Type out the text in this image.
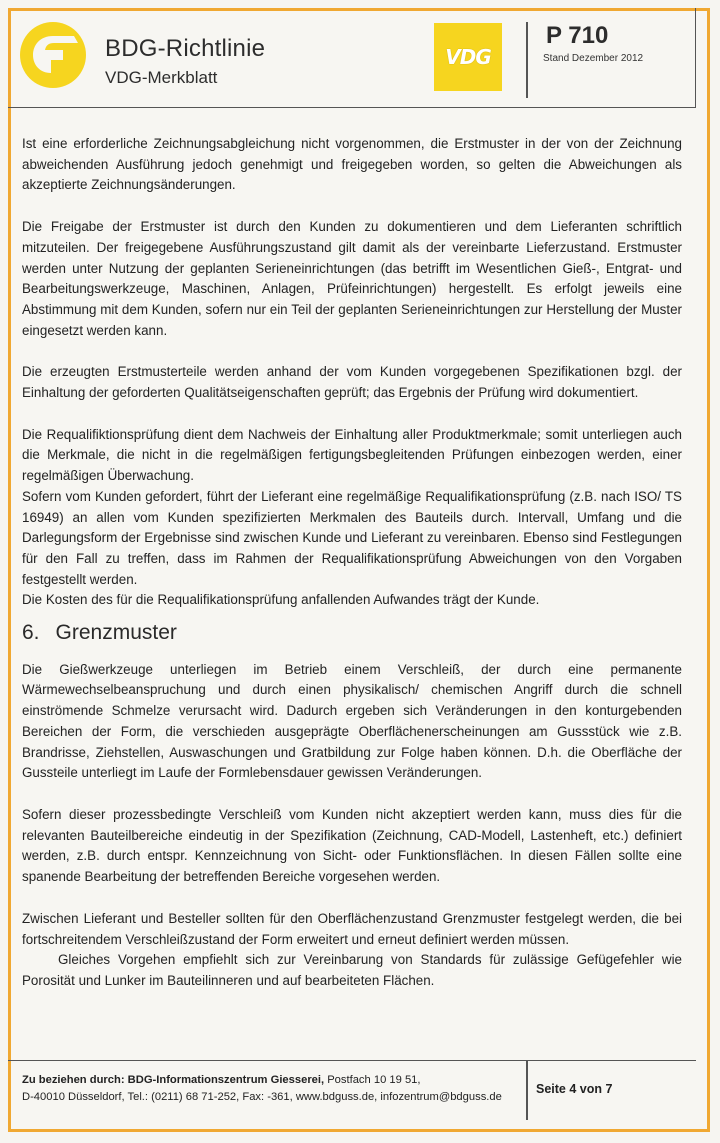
BDG-Richtlinie
VDG-Merkblatt
VDG
P 710
Stand Dezember 2012

Ist eine erforderliche Zeichnungsabgleichung nicht vorgenommen, die Erstmuster in der von der Zeichnung abweichenden Ausführung jedoch genehmigt und freigegeben worden, so gelten die Abweichungen als akzeptierte Zeichnungsänderungen.

Die Freigabe der Erstmuster ist durch den Kunden zu dokumentieren und dem Lieferanten schriftlich mitzuteilen. Der freigegebene Ausführungszustand gilt damit als der vereinbarte Lieferzustand. Erstmuster werden unter Nutzung der geplanten Serieneinrichtungen (das betrifft im Wesentlichen Gieß-, Entgrat- und Bearbeitungswerkzeuge, Maschinen, Anlagen, Prüfeinrichtungen) hergestellt. Es erfolgt jeweils eine Abstimmung mit dem Kunden, sofern nur ein Teil der geplanten Serieneinrichtungen zur Herstellung der Muster eingesetzt werden kann.

Die erzeugten Erstmusterteile werden anhand der vom Kunden vorgegebenen Spezifikationen bzgl. der Einhaltung der geforderten Qualitätseigenschaften geprüft; das Ergebnis der Prüfung wird dokumentiert.

Die Requalifiktionsprüfung dient dem Nachweis der Einhaltung aller Produktmerkmale; somit unterliegen auch die Merkmale, die nicht in die regelmäßigen fertigungsbegleitenden Prüfungen einbezogen werden, einer regelmäßigen Überwachung.

Sofern vom Kunden gefordert, führt der Lieferant eine regelmäßige Requalifikationsprüfung (z.B. nach ISO/ TS 16949) an allen vom Kunden spezifizierten Merkmalen des Bauteils durch. Intervall, Umfang und die Darlegungsform der Ergebnisse sind zwischen Kunde und Lieferant zu vereinbaren. Ebenso sind Festlegungen für den Fall zu treffen, dass im Rahmen der Requalifikationsprüfung Abweichungen von den Vorgaben festgestellt werden.

Die Kosten des für die Requalifikationsprüfung anfallenden Aufwandes trägt der Kunde.

6. Grenzmuster

Die Gießwerkzeuge unterliegen im Betrieb einem Verschleiß, der durch eine permanente Wärmewechselbeanspruchung und durch einen physikalisch/ chemischen Angriff durch die schnell einströmende Schmelze verursacht wird. Dadurch ergeben sich Veränderungen in den konturgebenden Bereichen der Form, die verschieden ausgeprägte Oberflächenerscheinungen am Gussstück wie z.B. Brandrisse, Ziehstellen, Auswaschungen und Gratbildung zur Folge haben können. D.h. die Oberfläche der Gussteile unterliegt im Laufe der Formlebensdauer gewissen Veränderungen.

Sofern dieser prozessbedingte Verschleiß vom Kunden nicht akzeptiert werden kann, muss dies für die relevanten Bauteilbereiche eindeutig in der Spezifikation (Zeichnung, CAD-Modell, Lastenheft, etc.) definiert werden, z.B. durch entspr. Kennzeichnung von Sicht- oder Funktionsflächen. In diesen Fällen sollte eine spanende Bearbeitung der betreffenden Bereiche vorgesehen werden.

Zwischen Lieferant und Besteller sollten für den Oberflächenzustand Grenzmuster festgelegt werden, die bei fortschreitendem Verschleißzustand der Form erweitert und erneut definiert werden müssen.

Gleiches Vorgehen empfiehlt sich zur Vereinbarung von Standards für zulässige Gefügefehler wie Porosität und Lunker im Bauteilinneren und auf bearbeiteten Flächen.

Zu beziehen durch: BDG-Informationszentrum Giesserei, Postfach 10 19 51,
D-40010 Düsseldorf, Tel.: (0211) 68 71-252, Fax: -361, www.bdguss.de, infozentrum@bdguss.de
Seite 4 von 7
